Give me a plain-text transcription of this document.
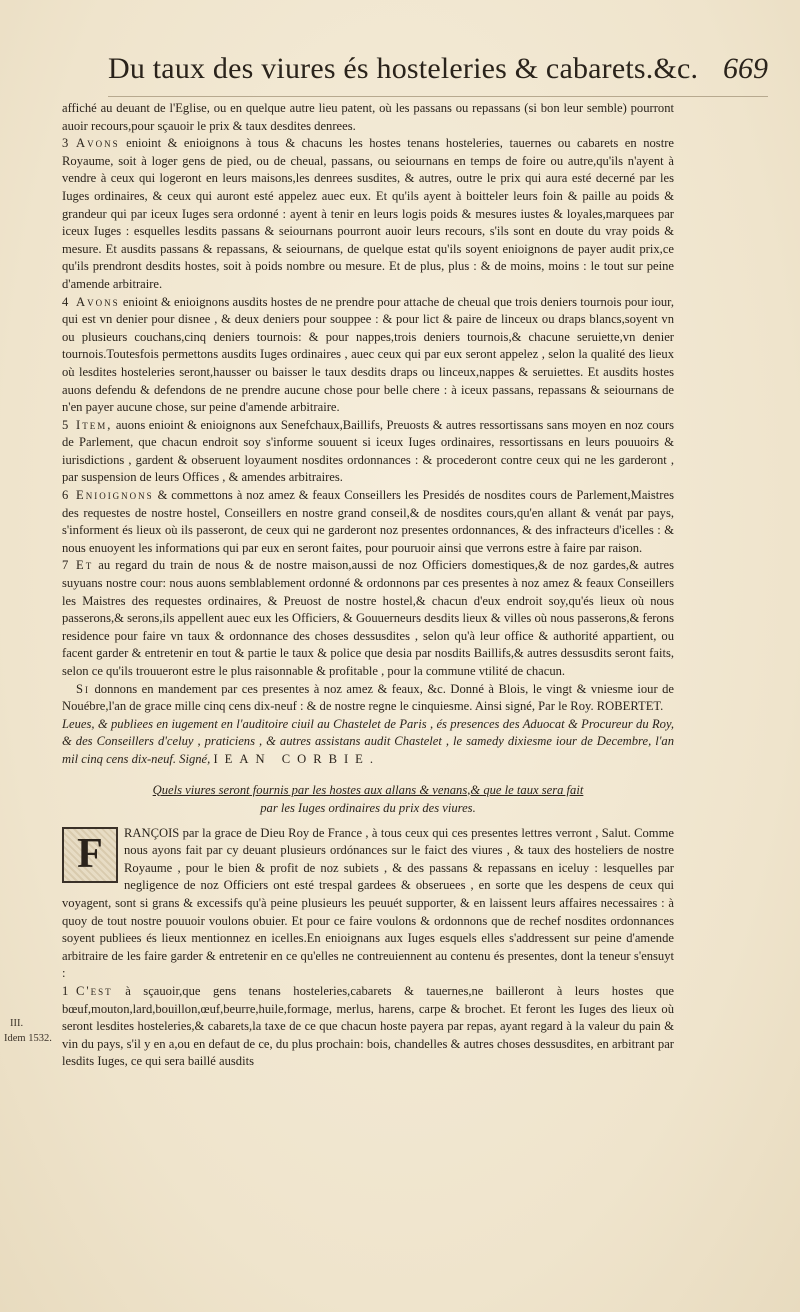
Du taux des viures és hosteleries & cabarets.&c. 669

affiché au deuant de l'Eglise, ou en quelque autre lieu patent, où les passans ou repassans (si bon leur semble) pourront auoir recours,pour sçauoir le prix & taux desdites denrees.

3 Avons enioint & enioignons à tous & chacuns les hostes tenans hosteleries, tauernes ou cabarets en nostre Royaume, soit à loger gens de pied, ou de cheual, passans, ou seiournans en temps de foire ou autre,qu'ils n'ayent à vendre à ceux qui logeront en leurs maisons,les denrees susdites, & autres, outre le prix qui aura esté decerné par les Iuges ordinaires, & ceux qui auront esté appelez auec eux. Et qu'ils ayent à boitteler leurs foin & paille au poids & grandeur qui par iceux Iuges sera ordonné : ayent à tenir en leurs logis poids & mesures iustes & loyales,marquees par iceux Iuges : esquelles lesdits passans & seiournans pourront auoir leurs recours, s'ils sont en doute du vray poids & mesure. Et ausdits passans & repassans, & seiournans, de quelque estat qu'ils soyent enioignons de payer audit prix,ce qu'ils prendront desdits hostes, soit à poids nombre ou mesure. Et de plus, plus : & de moins, moins : le tout sur peine d'amende arbitraire.

4 Avons enioint & enioignons ausdits hostes de ne prendre pour attache de cheual que trois deniers tournois pour iour, qui est vn denier pour disnee , & deux deniers pour souppee : & pour lict & paire de linceux ou draps blancs,soyent vn ou plusieurs couchans,cinq deniers tournois: & pour nappes,trois deniers tournois,& chacune seruiette,vn denier tournois.Toutesfois permettons ausdits Iuges ordinaires , auec ceux qui par eux seront appelez , selon la qualité des lieux où lesdites hosteleries seront,hausser ou baisser le taux desdits draps ou linceux,nappes & seruiettes. Et ausdits hostes auons defendu & defendons de ne prendre aucune chose pour belle chere : à iceux passans, repassans & seiournans de n'en payer aucune chose, sur peine d'amende arbitraire.

5 Item, auons enioint & enioignons aux Senefchaux,Baillifs, Preuosts & autres ressortissans sans moyen en noz cours de Parlement, que chacun endroit soy s'informe souuent si iceux Iuges ordinaires, ressortissans en leurs pouuoirs & iurisdictions , gardent & obseruent loyaument nosdites ordonnances : & procederont contre ceux qui ne les garderont , par suspension de leurs Offices , & amendes arbitraires.

6 Enioignons & commettons à noz amez & feaux Conseillers les Presidés de nosdites cours de Parlement,Maistres des requestes de nostre hostel, Conseillers en nostre grand conseil,& de nosdites cours,qu'en allant & venát par pays, s'informent és lieux où ils passeront, de ceux qui ne garderont noz presentes ordonnances, & des infracteurs d'icelles : & nous enuoyent les informations qui par eux en seront faites, pour pouruoir ainsi que verrons estre à faire par raison.

7 Et au regard du train de nous & de nostre maison,aussi de noz Officiers domestiques,& de noz gardes,& autres suyuans nostre cour: nous auons semblablement ordonné & ordonnons par ces presentes à noz amez & feaux Conseillers les Maistres des requestes ordinaires, & Preuost de nostre hostel,& chacun d'eux endroit soy,qu'és lieux où nous passerons,& serons,ils appellent auec eux les Officiers, & Gouuerneurs desdits lieux & villes où nous passerons,& ferons residence pour faire vn taux & ordonnance des choses dessusdites , selon qu'à leur office & authorité appartient, ou facent garder & entretenir en tout & partie le taux & police que desia par nosdits Baillifs,& autres dessusdits seront faits, selon ce qu'ils trouueront estre le plus raisonnable & profitable , pour la commune vtilité de chacun.

Si donnons en mandement par ces presentes à noz amez & feaux, &c. Donné à Blois, le vingt & vniesme iour de Nouébre,l'an de grace mille cinq cens dix-neuf : & de nostre regne le cinquiesme. Ainsi signé, Par le Roy. ROBERTET.

Leues, & publiees en iugement en l'auditoire ciuil au Chastelet de Paris , és presences des Aduocat & Procureur du Roy, & des Conseillers d'celuy , praticiens , & autres assistans audit Chastelet , le samedy dixiesme iour de Decembre, l'an mil cinq cens dix-neuf. Signé, IEAN CORBIE.

Quels viures seront fournis par les hostes aux allans & venans,& que le taux sera fait
par les Iuges ordinaires du prix des viures.
F	RANÇOIS par la grace de Dieu Roy de France , à tous ceux qui ces presentes lettres verront , Salut. Comme nous ayons fait par cy deuant plusieurs ordónances sur le faict des viures , & taux des hosteliers de nostre Royaume , pour le bien & profit de noz subiets , & des passans & repassans en iceluy : lesquelles par negligence de noz Officiers ont esté trespal gardees & obseruees , en sorte que les despens de ceux qui voyagent, sont si grans & excessifs qu'à peine plusieurs les peuuét supporter, & en laissent leurs affaires necessaires : à quoy de tout nostre pouuoir voulons obuier. Et pour ce faire voulons & ordonnons que de rechef nosdites ordonnances soyent publiees és lieux mentionnez en icelles.En enioignans aux Iuges esquels elles s'addressent sur peine d'amende arbitraire de les faire garder & entretenir en ce qu'elles ne contreuiennent au contenu és presentes, dont la teneur s'ensuyt :

1 C'est à sçauoir,que gens tenans hosteleries,cabarets & tauernes,ne bailleront à leurs hostes que bœuf,mouton,lard,bouillon,œuf,beurre,huile,formage, merlus, harens, carpe & brochet. Et feront les Iuges des lieux où seront lesdites hosteleries,& cabarets,la taxe de ce que chacun hoste payera par repas, ayant regard à la valeur du pain & vin du pays, s'il y en a,ou en defaut de ce, du plus prochain: bois, chandelles & autres choses dessusdites, en arbitrant par lesdits Iuges, ce qui sera baillé ausdits

III.
Idem 1532.
